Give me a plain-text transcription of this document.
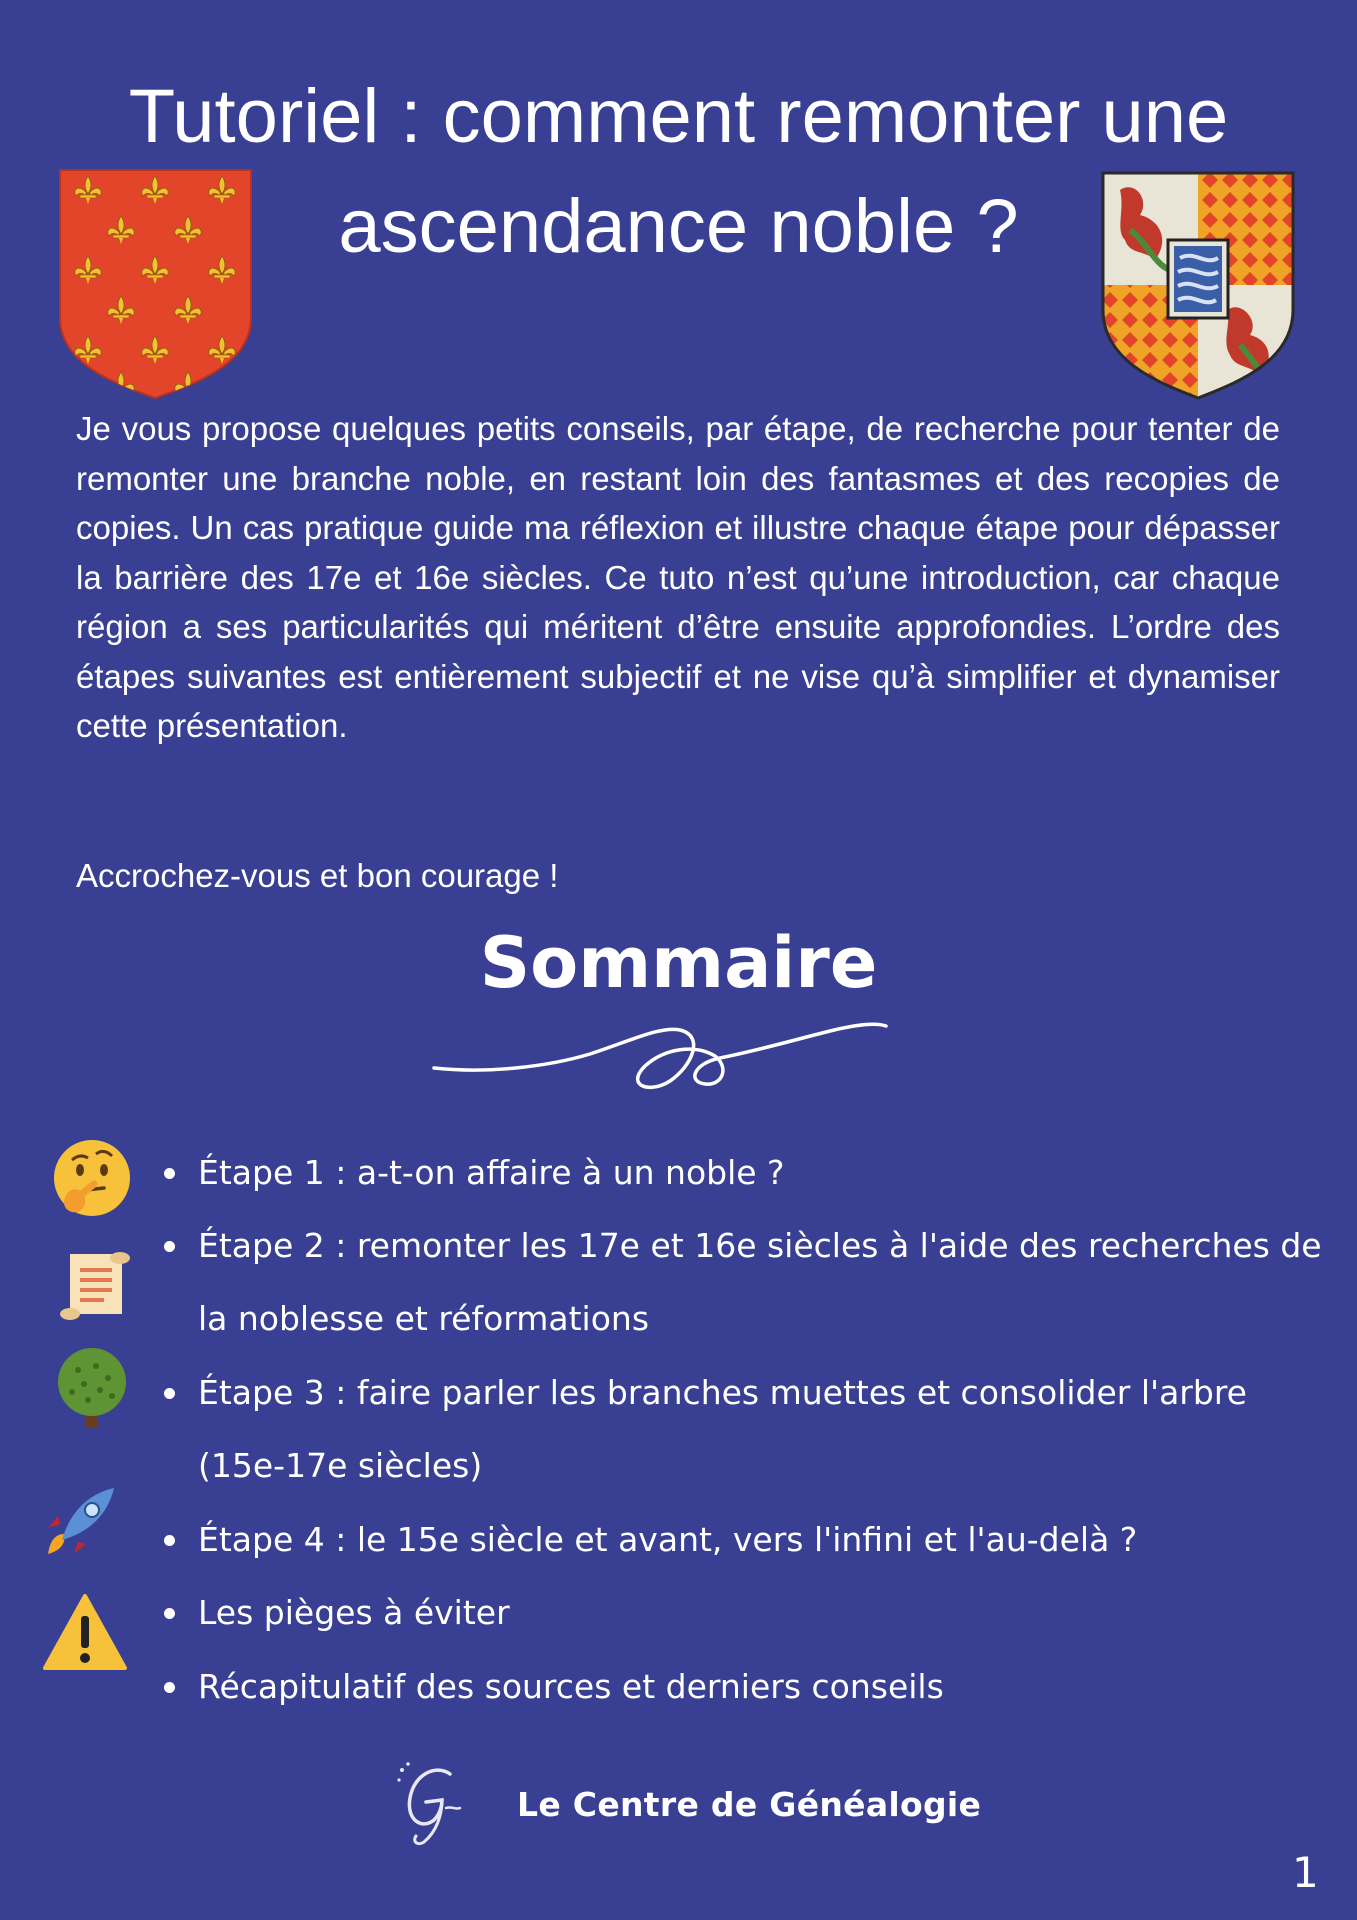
Tutoriel : comment remonter une
ascendance noble ?

Je vous propose quelques petits conseils, par étape, de recherche pour tenter de remonter une branche noble, en restant loin des fantasmes et des recopies de copies. Un cas pratique guide ma réflexion et illustre chaque étape pour dépasser la barrière des 17e et 16e siècles. Ce tuto n’est qu’une introduction, car chaque région a ses particularités qui méritent d’être ensuite approfondies. L’ordre des étapes suivantes est entièrement subjectif et ne vise qu’à simplifier et dynamiser cette présentation.

Accrochez-vous et bon courage !

Sommaire
Étape 1 : a-t-on affaire à un noble ?
Étape 2 : remonter les 17e et 16e siècles à l'aide des recherches de
la noblesse et réformations
Étape 3 : faire parler les branches muettes et consolider l'arbre
(15e-17e siècles)
Étape 4 : le 15e siècle et avant, vers l'infini et l'au-delà ?
Les pièges à éviter
Récapitulatif des sources et derniers conseils
Le Centre de Généalogie
1
